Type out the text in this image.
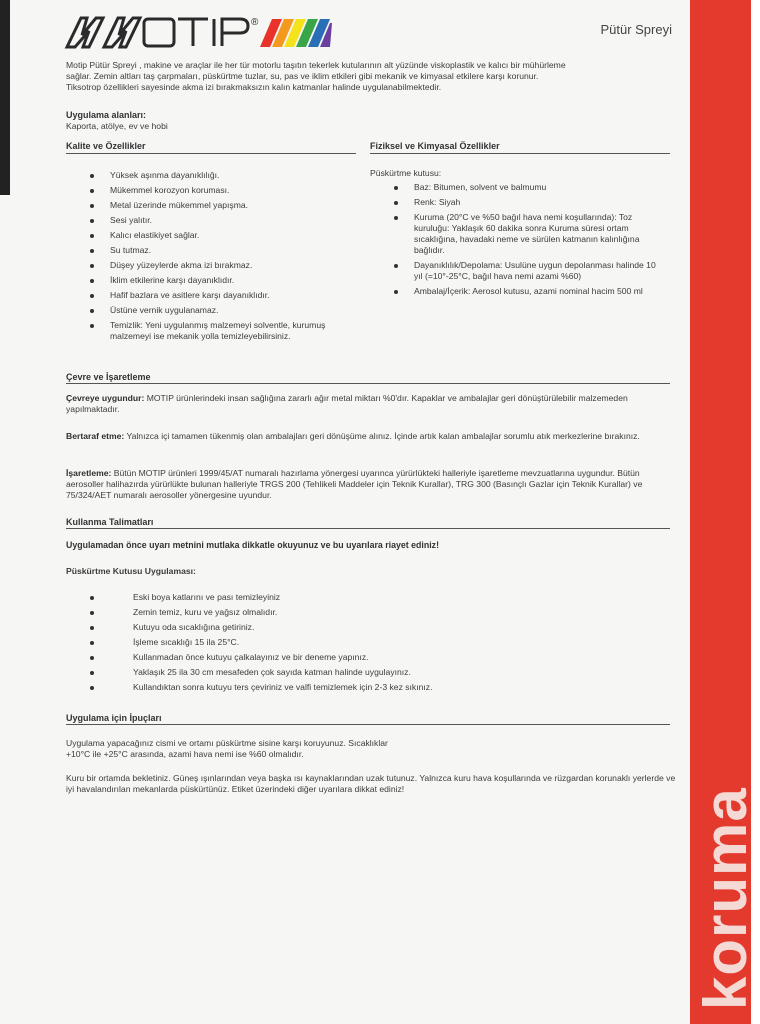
koruma
®	Pütür Spreyi
Motip Pütür Spreyi , makine ve araçlar ile her tür motorlu taşıtın tekerlek kutularının alt yüzünde viskoplastik ve kalıcı bir mühürleme
sağlar. Zemin altları taş çarpmaları, püskürtme tuzlar, su, pas ve iklim etkileri gibi mekanik ve kimyasal etkilere karşı korunur.
Tiksotrop özellikleri sayesinde akma izi bırakmaksızın kalın katmanlar halinde uygulanabilmektedir.
Uygulama alanları:
Kaporta, atölye, ev ve hobi
Kalite ve Özellikler	Fiziksel ve Kimyasal Özellikler
Yüksek aşınma dayanıklılığı.
Mükemmel korozyon koruması.
Metal üzerinde mükemmel yapışma.
Sesi yalıtır.
Kalıcı elastikiyet sağlar.
Su tutmaz.
Düşey yüzeylerde akma izi bırakmaz.
İklim etkilerine karşı dayanıklıdır.
Hafif bazlara ve asitlere karşı dayanıklıdır.
Üstüne vernik uygulanamaz.
Temizlik: Yeni uygulanmış malzemeyi solventle, kurumuş malzemeyi ise mekanik yolla temizleyebilirsiniz.
Püskürtme kutusu:
Baz: Bitumen, solvent ve balmumu
Renk: Siyah
Kuruma (20°C ve %50 bağıl hava nemi koşullarında): Toz kuruluğu: Yaklaşık 60 dakika sonra Kuruma süresi ortam sıcaklığına, havadaki neme ve sürülen katmanın kalınlığına bağlıdır.
Dayanıklılık/Depolama: Usulüne uygun depolanması halinde 10 yıl (=10°-25°C, bağıl hava nemi azami %60)
Ambalaj/İçerik: Aerosol kutusu, azami nominal hacim 500 ml
Çevre ve İşaretleme
Çevreye uygundur: MOTIP ürünlerindeki insan sağlığına zararlı ağır metal miktarı %0'dır. Kapaklar ve ambalajlar geri dönüştürülebilir malzemeden yapılmaktadır.
Bertaraf etme: Yalnızca içi tamamen tükenmiş olan ambalajları geri dönüşüme alınız. İçinde artık kalan ambalajlar sorumlu atık merkezlerine bırakınız.
İşaretleme: Bütün MOTIP ürünleri 1999/45/AT numaralı hazırlama yönergesi uyarınca yürürlükteki halleriyle işaretleme mevzuatlarına uygundur. Bütün aerosoller halihazırda yürürlükte bulunan halleriyle TRGS 200 (Tehlikeli Maddeler için Teknik Kurallar), TRG 300 (Basınçlı Gazlar için Teknik Kurallar) ve 75/324/AET numaralı aerosoller yönergesine uyundur.
Kullanma Talimatları
Uygulamadan önce uyarı metnini mutlaka dikkatle okuyunuz ve bu uyarılara riayet ediniz!
Püskürtme Kutusu Uygulaması:
Eski boya katlarını ve pası temizleyiniz
Zemin temiz, kuru ve yağsız olmalıdır.
Kutuyu oda sıcaklığına getiriniz.
İşleme sıcaklığı 15 ila 25°C.
Kullanmadan önce kutuyu çalkalayınız ve bir deneme yapınız.
Yaklaşık 25 ila 30 cm mesafeden çok sayıda katman halinde uygulayınız.
Kullandıktan sonra kutuyu ters çeviriniz ve valfi temizlemek için 2-3 kez sıkınız.
Uygulama için İpuçları
Uygulama yapacağınız cismi ve ortamı püskürtme sisine karşı koruyunuz. Sıcaklıklar +10°C ile +25°C arasında, azami hava nemi ise %60 olmalıdır.
Kuru bir ortamda bekletiniz. Güneş ışınlarından veya başka ısı kaynaklarından uzak tutunuz. Yalnızca kuru hava koşullarında ve rüzgardan korunaklı yerlerde ve iyi havalandırılan mekanlarda püskürtünüz. Etiket üzerindeki diğer uyarılara dikkat ediniz!
